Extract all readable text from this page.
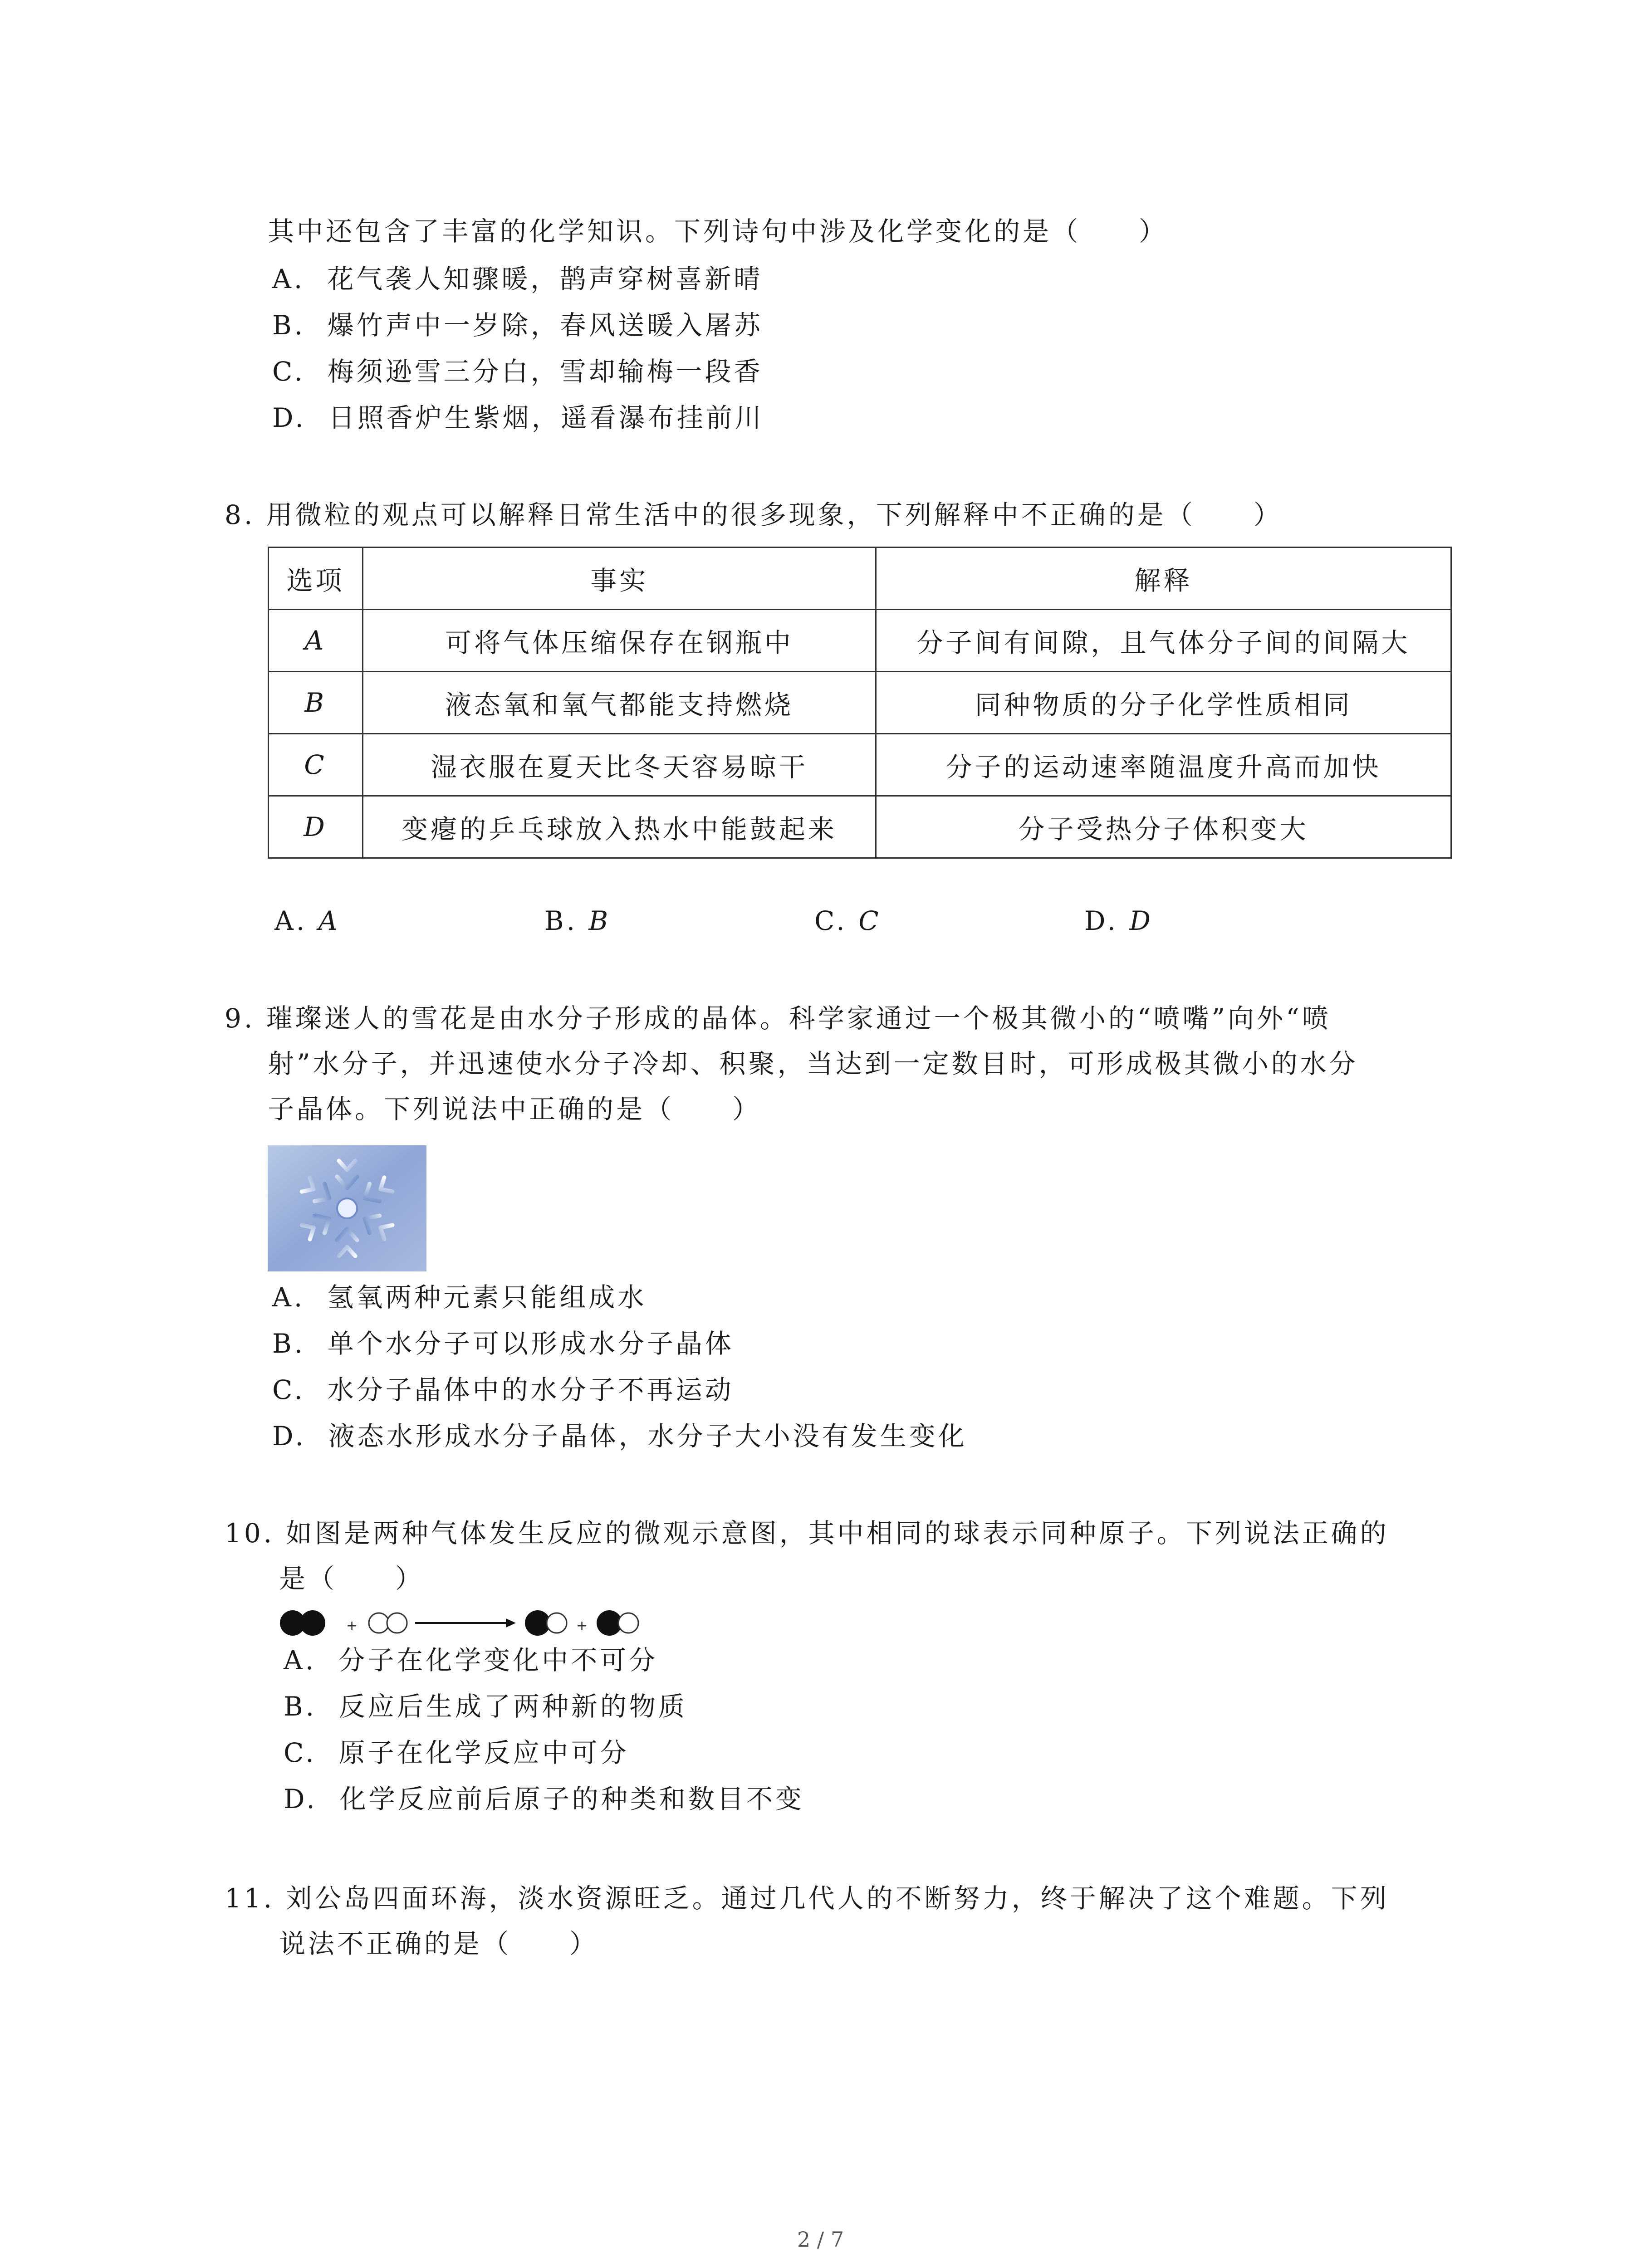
其中还包含了丰富的化学知识。下列诗句中涉及化学变化的是（　　）
A.  花气袭人知骤暖，鹊声穿树喜新晴
B.  爆竹声中一岁除，春风送暖入屠苏
C.  梅须逊雪三分白，雪却输梅一段香
D.  日照香炉生紫烟，遥看瀑布挂前川
8. 用微粒的观点可以解释日常生活中的很多现象，下列解释中不正确的是（　　）
选项	事实	解释
A	可将气体压缩保存在钢瓶中	分子间有间隙，且气体分子间的间隔大
B	液态氧和氧气都能支持燃烧	同种物质的分子化学性质相同
C	湿衣服在夏天比冬天容易晾干	分子的运动速率随温度升高而加快
D	变瘪的乒乓球放入热水中能鼓起来	分子受热分子体积变大
A. A	B. B	C. C	D. D
9. 璀璨迷人的雪花是由水分子形成的晶体。科学家通过一个极其微小的“喷嘴”向外“喷
射”水分子，并迅速使水分子冷却、积聚，当达到一定数目时，可形成极其微小的水分
子晶体。下列说法中正确的是（　　）
A.  氢氧两种元素只能组成水
B.  单个水分子可以形成水分子晶体
C.  水分子晶体中的水分子不再运动
D.  液态水形成水分子晶体，水分子大小没有发生变化
10. 如图是两种气体发生反应的微观示意图，其中相同的球表示同种原子。下列说法正确的
是（　　）
+	+
A.  分子在化学变化中不可分
B.  反应后生成了两种新的物质
C.  原子在化学反应中可分
D.  化学反应前后原子的种类和数目不变
11. 刘公岛四面环海，淡水资源旺乏。通过几代人的不断努力，终于解决了这个难题。下列
说法不正确的是（　　）
2 / 7
